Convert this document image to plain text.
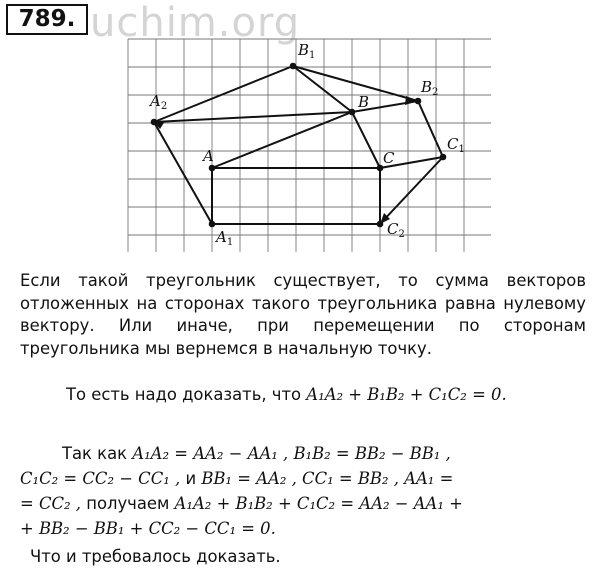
uchim.org
789.
A
B
C
$A_1$
$A_2$
$B_1$
$B_2$
$C_1$
$C_2$
Если такой треугольник существует, то сумма векторов отложенных на сторонах такого треугольника равна нулевому вектору. Или иначе, при перемещении по сторонам треугольника мы вернемся в начальную точку.
То есть надо доказать, что A₁A₂ + B₁B₂ + C₁C₂ = 0.
Так как A₁A₂ = AA₂ − AA₁ , B₁B₂ = BB₂ − BB₁ ,
C₁C₂ = CC₂ − CC₁ , и BB₁ = AA₂ , CC₁ = BB₂ , AA₁ =
= CC₂ , получаем A₁A₂ + B₁B₂ + C₁C₂ = AA₂ − AA₁ +
+ BB₂ − BB₁ + CC₂ − CC₁ = 0.
Что и требовалось доказать.
